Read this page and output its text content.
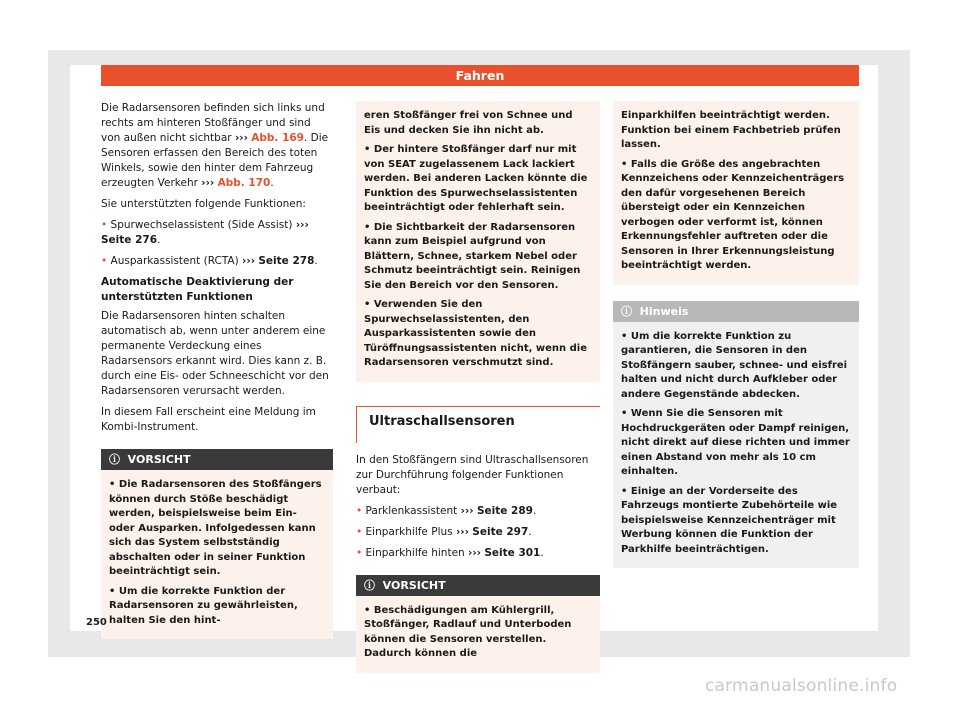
Fahren

Die Radarsensoren befinden sich links und rechts am hinteren Stoßfänger und sind von außen nicht sichtbar ››› Abb. 169. Die Sensoren erfassen den Bereich des toten Winkels, sowie den hinter dem Fahrzeug erzeugten Verkehr ››› Abb. 170.

Sie unterstützten folgende Funktionen:

• Spurwechselassistent (Side Assist) ››› Seite 276.

• Ausparkassistent (RCTA) ››› Seite 278.

Automatische Deaktivierung der unterstützten Funktionen

Die Radarsensoren hinten schalten automatisch ab, wenn unter anderem eine permanente Verdeckung eines Radarsensors erkannt wird. Dies kann z. B. durch eine Eis- oder Schneeschicht vor den Radarsensoren verursacht werden.

In diesem Fall erscheint eine Meldung im Kombi-Instrument.

ⓘ VORSICHT

• Die Radarsensoren des Stoßfängers können durch Stöße beschädigt werden, beispielsweise beim Ein- oder Ausparken. Infolgedessen kann sich das System selbstständig abschalten oder in seiner Funktion beeinträchtigt sein.

• Um die korrekte Funktion der Radarsensoren zu gewährleisten, halten Sie den hint-

eren Stoßfänger frei von Schnee und Eis und decken Sie ihn nicht ab.

• Der hintere Stoßfänger darf nur mit von SEAT zugelassenem Lack lackiert werden. Bei anderen Lacken könnte die Funktion des Spurwechselassistenten beeinträchtigt oder fehlerhaft sein.

• Die Sichtbarkeit der Radarsensoren kann zum Beispiel aufgrund von Blättern, Schnee, starkem Nebel oder Schmutz beeinträchtigt sein. Reinigen Sie den Bereich vor den Sensoren.

• Verwenden Sie den Spurwechselassistenten, den Ausparkassistenten sowie den Türöffnungsassistenten nicht, wenn die Radarsensoren verschmutzt sind.

Ultraschallsensoren

In den Stoßfängern sind Ultraschallsensoren zur Durchführung folgender Funktionen verbaut:

• Parklenkassistent ››› Seite 289.

• Einparkhilfe Plus ››› Seite 297.

• Einparkhilfe hinten ››› Seite 301.

ⓘ VORSICHT

• Beschädigungen am Kühlergrill, Stoßfänger, Radlauf und Unterboden können die Sensoren verstellen. Dadurch können die

Einparkhilfen beeinträchtigt werden. Funktion bei einem Fachbetrieb prüfen lassen.

• Falls die Größe des angebrachten Kennzeichens oder Kennzeichenträgers den dafür vorgesehenen Bereich übersteigt oder ein Kennzeichen verbogen oder verformt ist, können Erkennungsfehler auftreten oder die Sensoren in Ihrer Erkennungsleistung beeinträchtigt werden.

ⓘ Hinweis

• Um die korrekte Funktion zu garantieren, die Sensoren in den Stoßfängern sauber, schnee- und eisfrei halten und nicht durch Aufkleber oder andere Gegenstände abdecken.

• Wenn Sie die Sensoren mit Hochdruckgeräten oder Dampf reinigen, nicht direkt auf diese richten und immer einen Abstand von mehr als 10 cm einhalten.

• Einige an der Vorderseite des Fahrzeugs montierte Zubehörteile wie beispielsweise Kennzeichenträger mit Werbung können die Funktion der Parkhilfe beeinträchtigen.

250
carmanualsonline.info
